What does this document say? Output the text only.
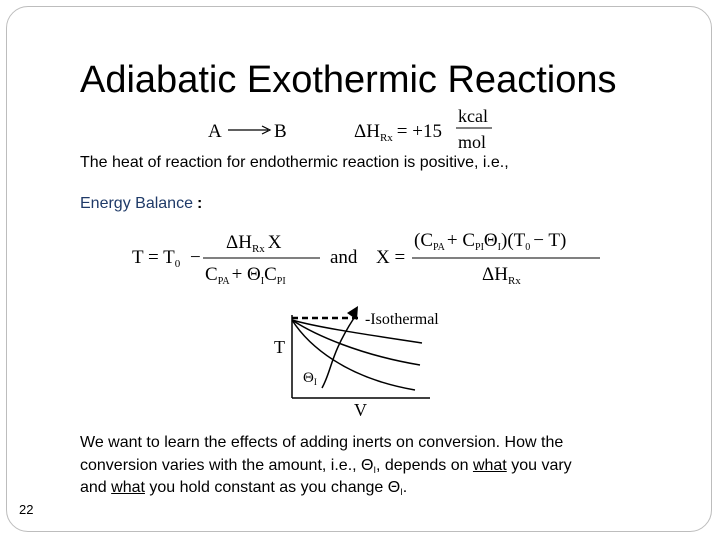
Adiabatic Exothermic Reactions
A	B	$\Delta H_{Rx} = +15$
kcal
mol
$T = T_0$ −
$\Delta H_{Rx}$ X
$C_{PA} + \Theta_IC_{PI}$
and X =
$(C_{PA} + C_{PI}\Theta_I)(T_0 - T)$
$\Delta H_{Rx}$
T
V
-Isothermal
$\Theta_I$
The heat of reaction for endothermic reaction is positive, i.e.,
Energy Balance :
We want to learn the effects of adding inerts on conversion. How the
conversion varies with the amount, i.e., $\Theta_I$, depends on what you vary
and what you hold constant as you change $\Theta_I$.
22
